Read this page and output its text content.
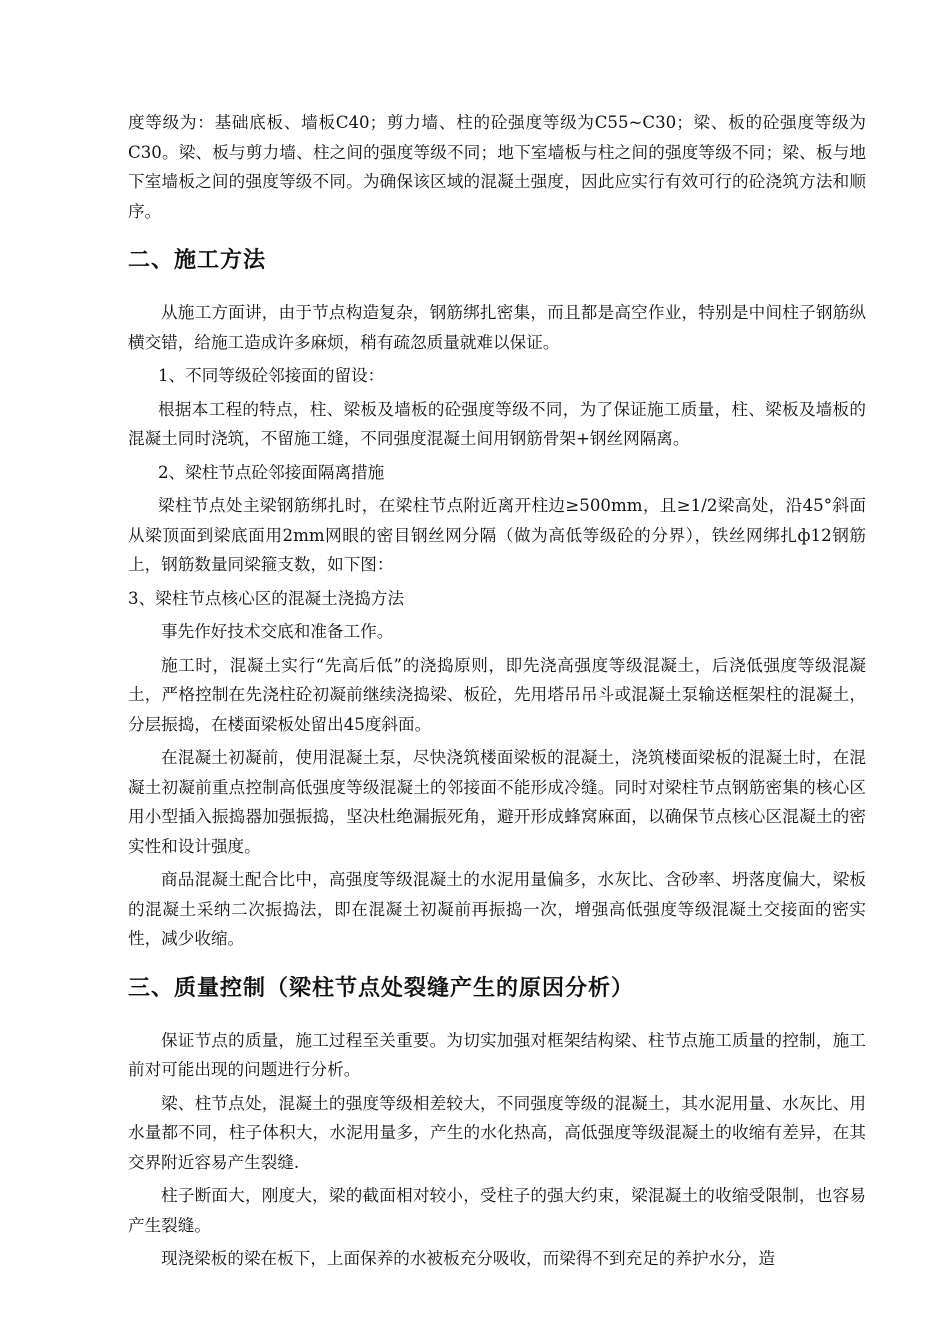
度等级为：基础底板、墙板C40；剪力墙、柱的砼强度等级为C55~C30；梁、板的砼强度等级为C30。梁、板与剪力墙、柱之间的强度等级不同；地下室墙板与柱之间的强度等级不同；梁、板与地下室墙板之间的强度等级不同。为确保该区域的混凝土强度，因此应实行有效可行的砼浇筑方法和顺序。

二、施工方法

从施工方面讲，由于节点构造复杂，钢筋绑扎密集，而且都是高空作业，特别是中间柱子钢筋纵横交错，给施工造成许多麻烦，稍有疏忽质量就难以保证。

1、不同等级砼邻接面的留设：

根据本工程的特点，柱、梁板及墙板的砼强度等级不同，为了保证施工质量，柱、梁板及墙板的混凝土同时浇筑，不留施工缝，不同强度混凝土间用钢筋骨架+钢丝网隔离。

2、梁柱节点砼邻接面隔离措施

梁柱节点处主梁钢筋绑扎时，在梁柱节点附近离开柱边≥500mm，且≥1/2梁高处，沿45°斜面从梁顶面到梁底面用2mm网眼的密目钢丝网分隔（做为高低等级砼的分界），铁丝网绑扎ф12钢筋上，钢筋数量同梁箍支数，如下图：

3、梁柱节点核心区的混凝土浇捣方法

事先作好技术交底和准备工作。

施工时，混凝土实行“先高后低”的浇捣原则，即先浇高强度等级混凝土，后浇低强度等级混凝土，严格控制在先浇柱砼初凝前继续浇捣梁、板砼，先用塔吊吊斗或混凝土泵输送框架柱的混凝土，分层振捣，在楼面梁板处留出45度斜面。

在混凝土初凝前，使用混凝土泵，尽快浇筑楼面梁板的混凝土，浇筑楼面梁板的混凝土时，在混凝土初凝前重点控制高低强度等级混凝土的邻接面不能形成冷缝。同时对梁柱节点钢筋密集的核心区用小型插入振捣器加强振捣，坚决杜绝漏振死角，避开形成蜂窝麻面，以确保节点核心区混凝土的密实性和设计强度。

商品混凝土配合比中，高强度等级混凝土的水泥用量偏多，水灰比、含砂率、坍落度偏大，梁板的混凝土采纳二次振捣法，即在混凝土初凝前再振捣一次，增强高低强度等级混凝土交接面的密实性，减少收缩。

三、质量控制（梁柱节点处裂缝产生的原因分析）

保证节点的质量，施工过程至关重要。为切实加强对框架结构梁、柱节点施工质量的控制，施工前对可能出现的问题进行分析。

梁、柱节点处，混凝土的强度等级相差较大，不同强度等级的混凝土，其水泥用量、水灰比、用水量都不同，柱子体积大，水泥用量多，产生的水化热高，高低强度等级混凝土的收缩有差异，在其交界附近容易产生裂缝.

柱子断面大，刚度大，梁的截面相对较小，受柱子的强大约束，梁混凝土的收缩受限制，也容易产生裂缝。

现浇梁板的梁在板下，上面保养的水被板充分吸收，而梁得不到充足的养护水分，造
